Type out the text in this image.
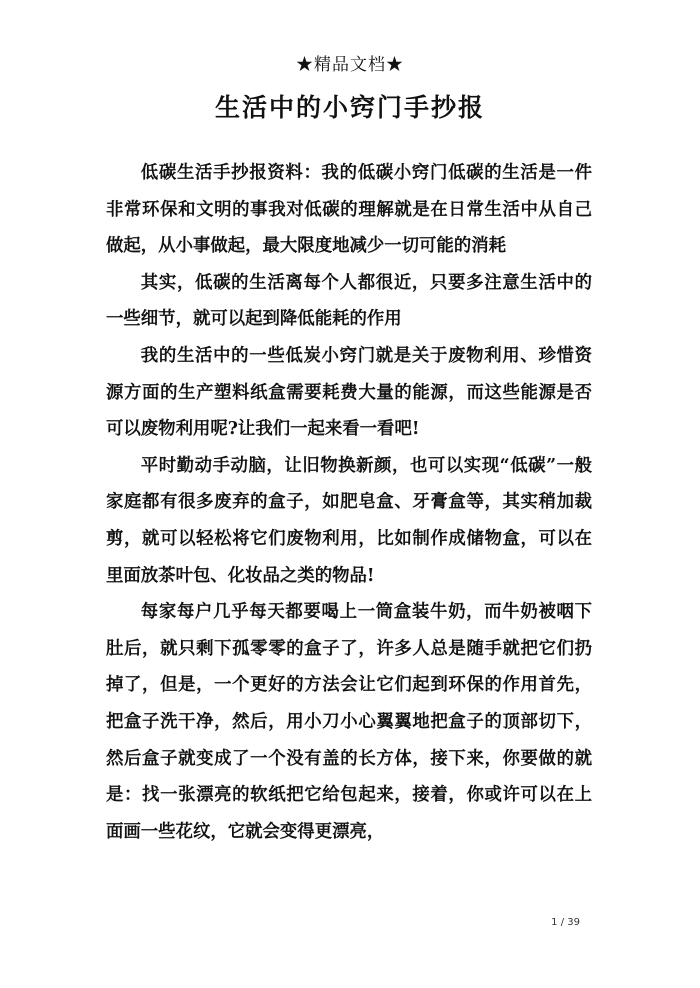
★精品文档★
生活中的小窍门手抄报

低碳生活手抄报资料：我的低碳小窍门低碳的生活是一件非常环保和文明的事我对低碳的理解就是在日常生活中从自己做起，从小事做起，最大限度地减少一切可能的消耗

其实，低碳的生活离每个人都很近，只要多注意生活中的一些细节，就可以起到降低能耗的作用

我的生活中的一些低炭小窍门就是关于废物利用、珍惜资源方面的生产塑料纸盒需要耗费大量的能源，而这些能源是否可以废物利用呢?让我们一起来看一看吧!

平时勤动手动脑，让旧物换新颜，也可以实现“低碳”一般家庭都有很多废弃的盒子，如肥皂盒、牙膏盒等，其实稍加裁剪，就可以轻松将它们废物利用，比如制作成储物盒，可以在里面放茶叶包、化妆品之类的物品!

每家每户几乎每天都要喝上一筒盒装牛奶，而牛奶被咽下肚后，就只剩下孤零零的盒子了，许多人总是随手就把它们扔掉了，但是，一个更好的方法会让它们起到环保的作用首先，把盒子洗干净，然后，用小刀小心翼翼地把盒子的顶部切下，然后盒子就变成了一个没有盖的长方体，接下来，你要做的就是：找一张漂亮的软纸把它给包起来，接着，你或许可以在上面画一些花纹，它就会变得更漂亮，

1 / 39
